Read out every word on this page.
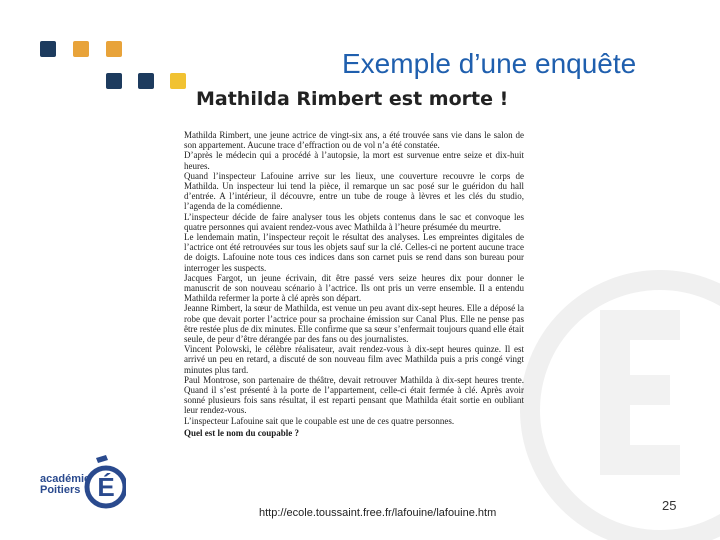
Exemple d’une enquête
Mathilda Rimbert est morte !

Mathilda Rimbert, une jeune actrice de vingt-six ans, a été trouvée sans vie dans le salon de son appartement. Aucune trace d’effraction ou de vol n’a été constatée.

D’après le médecin qui a procédé à l’autopsie, la mort est survenue entre seize et dix-huit heures.

Quand l’inspecteur Lafouine arrive sur les lieux, une couverture recouvre le corps de Mathilda. Un inspecteur lui tend la pièce, il remarque un sac posé sur le guéridon du hall d’entrée. A l’intérieur, il découvre, entre un tube de rouge à lèvres et les clés du studio, l’agenda de la comédienne.

L’inspecteur décide de faire analyser tous les objets contenus dans le sac et convoque les quatre personnes qui avaient rendez-vous avec Mathilda à l’heure présumée du meurtre.

Le lendemain matin, l’inspecteur reçoit le résultat des analyses. Les empreintes digitales de l’actrice ont été retrouvées sur tous les objets sauf sur la clé. Celles-ci ne portent aucune trace de doigts. Lafouine note tous ces indices dans son carnet puis se rend dans son bureau pour interroger les suspects.

Jacques Fargot, un jeune écrivain, dit être passé vers seize heures dix pour donner le manuscrit de son nouveau scénario à l’actrice. Ils ont pris un verre ensemble. Il a entendu Mathilda refermer la porte à clé après son départ.

Jeanne Rimbert, la sœur de Mathilda, est venue un peu avant dix-sept heures. Elle a déposé la robe que devait porter l’actrice pour sa prochaine émission sur Canal Plus. Elle ne pense pas être restée plus de dix minutes. Elle confirme que sa sœur s’enfermait toujours quand elle était seule, de peur d’être dérangée par des fans ou des journalistes.

Vincent Polowski, le célèbre réalisateur, avait rendez-vous à dix-sept heures quinze. Il est arrivé un peu en retard, a discuté de son nouveau film avec Mathilda puis a pris congé vingt minutes plus tard.

Paul Montrose, son partenaire de théâtre, devait retrouver Mathilda à dix-sept heures trente. Quand il s’est présenté à la porte de l’appartement, celle-ci était fermée à clé. Après avoir sonné plusieurs fois sans résultat, il est reparti pensant que Mathilda était sortie en oubliant leur rendez-vous.

L’inspecteur Lafouine sait que le coupable est une de ces quatre personnes.

Quel est le nom du coupable ?

académie
Poitiers É
http://ecole.toussaint.free.fr/lafouine/lafouine.htm	25
